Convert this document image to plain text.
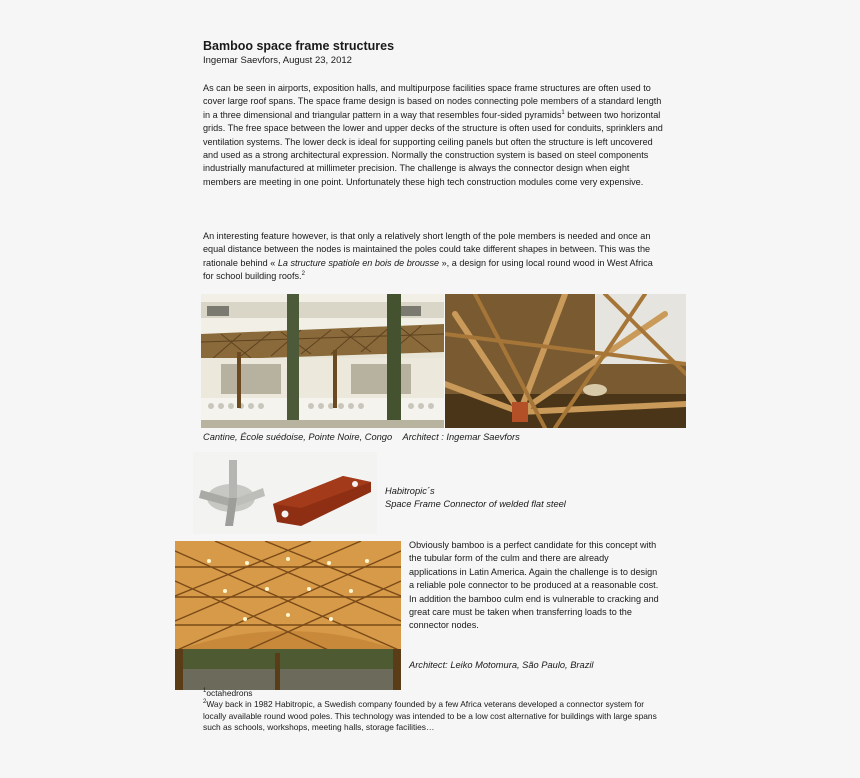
Bamboo space frame structures
Ingemar Saevfors, August 23, 2012
As can be seen in airports, exposition halls, and multipurpose facilities space frame structures are often used to cover large roof spans. The space frame design is based on nodes connecting pole members of a standard length in a three dimensional and triangular pattern in a way that resembles four-sided pyramids$^1$ between two horizontal grids. The free space between the lower and upper decks of the structure is often used for conduits, sprinklers and ventilation systems. The lower deck is ideal for supporting ceiling panels but often the structure is left uncovered and used as a strong architectural expression. Normally the construction system is based on steel components industrially manufactured at millimeter precision. The challenge is always the connector design when eight members are meeting in one point. Unfortunately these high tech construction modules come very expensive.
An interesting feature however, is that only a relatively short length of the pole members is needed and once an equal distance between the nodes is maintained the poles could take different shapes in between. This was the rationale behind « La structure spatiole en bois de brousse », a design for using local round wood in West Africa for school building roofs.$^2$
Cantine, École suédoise, Pointe Noire, Congo Architect : Ingemar Saevfors
Habitropic´s
Space Frame Connector of welded flat steel
Obviously bamboo is a perfect candidate for this concept with the tubular form of the culm and there are already applications in Latin America. Again the challenge is to design a reliable pole connector to be produced at a reasonable cost. In addition the bamboo culm end is vulnerable to cracking and great care must be taken when transferring loads to the connector nodes.
Architect: Leiko Motomura, São Paulo, Brazil
$^1$octahedrons
$^2$Way back in 1982 Habitropic, a Swedish company founded by a few Africa veterans developed a connector system for locally available round wood poles. This technology was intended to be a low cost alternative for buildings with large spans such as schools, workshops, meeting halls, storage facilities…
